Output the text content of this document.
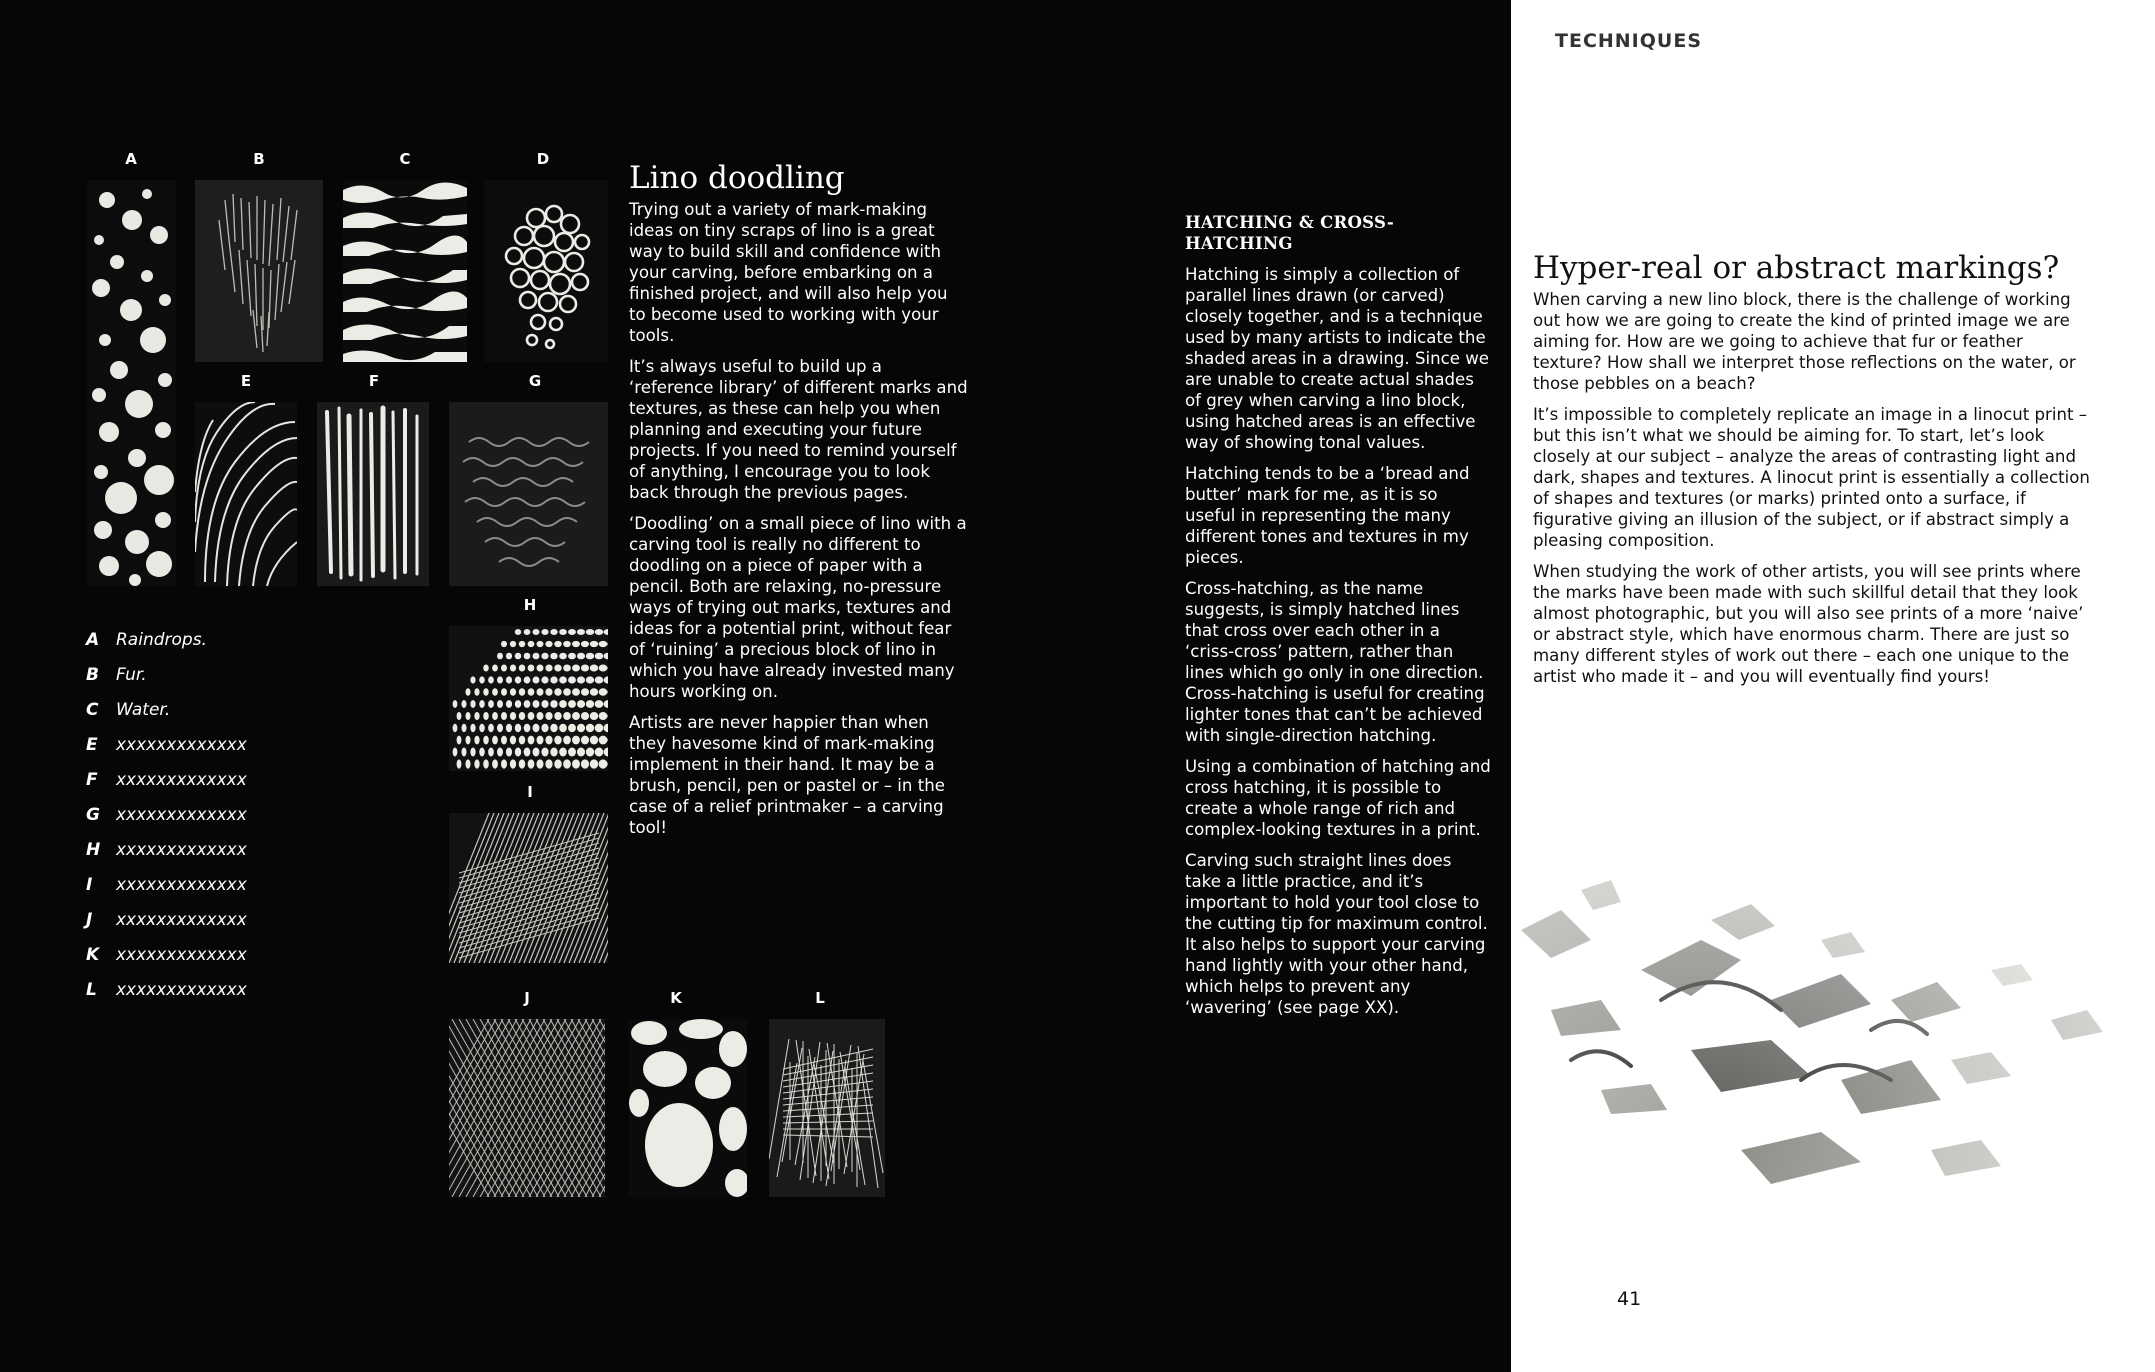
A	B	C	D
E	F	G
H
I
J	K	L
A Raindrops.
B	Fur.
C	Water.
E	xxxxxxxxxxxxx
F	xxxxxxxxxxxxx
G xxxxxxxxxxxxx
H xxxxxxxxxxxxx
I	xxxxxxxxxxxxx
J	xxxxxxxxxxxxx
K xxxxxxxxxxxxx
L	xxxxxxxxxxxxx
Lino doodling

Trying out a variety of mark-making ideas on tiny scraps of lino is a great way to build skill and confidence with your carving, before embarking on a finished project, and will also help you to become used to working with your tools.

It’s always useful to build up a ‘reference library’ of different marks and textures, as these can help you when planning and executing your future projects. If you need to remind yourself of anything, I encourage you to look back through the previous pages.

‘Doodling’ on a small piece of lino with a carving tool is really no different to doodling on a piece of paper with a pencil. Both are relaxing, no-pressure ways of trying out marks, textures and ideas for a potential print, without fear of ‘ruining’ a precious block of lino in which you have already invested many hours working on.

Artists are never happier than when they havesome kind of mark-making implement in their hand. It may be a brush, pencil, pen or pastel or – in the case of a relief printmaker – a carving tool!

HATCHING & CROSS-HATCHING

Hatching is simply a collection of parallel lines drawn (or carved) closely together, and is a technique used by many artists to indicate the shaded areas in a drawing. Since we are unable to create actual shades of grey when carving a lino block, using hatched areas is an effective way of showing tonal values.

Hatching tends to be a ‘bread and butter’ mark for me, as it is so useful in representing the many different tones and textures in my pieces.

Cross-hatching, as the name suggests, is simply hatched lines that cross over each other in a ‘criss-cross’ pattern, rather than lines which go only in one direction. Cross-hatching is useful for creating lighter tones that can’t be achieved with single-direction hatching.

Using a combination of hatching and cross hatching, it is possible to create a whole range of rich and complex-looking textures in a print.

Carving such straight lines does take a little practice, and it’s important to hold your tool close to the cutting tip for maximum control. It also helps to support your carving hand lightly with your other hand, which helps to prevent any ‘wavering’ (see page XX).

TECHNIQUES
Hyper-real or abstract markings?

When carving a new lino block, there is the challenge of working out how we are going to create the kind of printed image we are aiming for. How are we going to achieve that fur or feather texture? How shall we interpret those reflections on the water, or those pebbles on a beach?

It’s impossible to completely replicate an image in a linocut print – but this isn’t what we should be aiming for. To start, let’s look closely at our subject – analyze the areas of contrasting light and dark, shapes and textures. A linocut print is essentially a collection of shapes and textures (or marks) printed onto a surface, if figurative giving an illusion of the subject, or if abstract simply a pleasing composition.

When studying the work of other artists, you will see prints where the marks have been made with such skillful detail that they look almost photographic, but you will also see prints of a more ‘naive’ or abstract style, which have enormous charm. There are just so many different styles of work out there – each one unique to the artist who made it – and you will eventually find yours!

41
